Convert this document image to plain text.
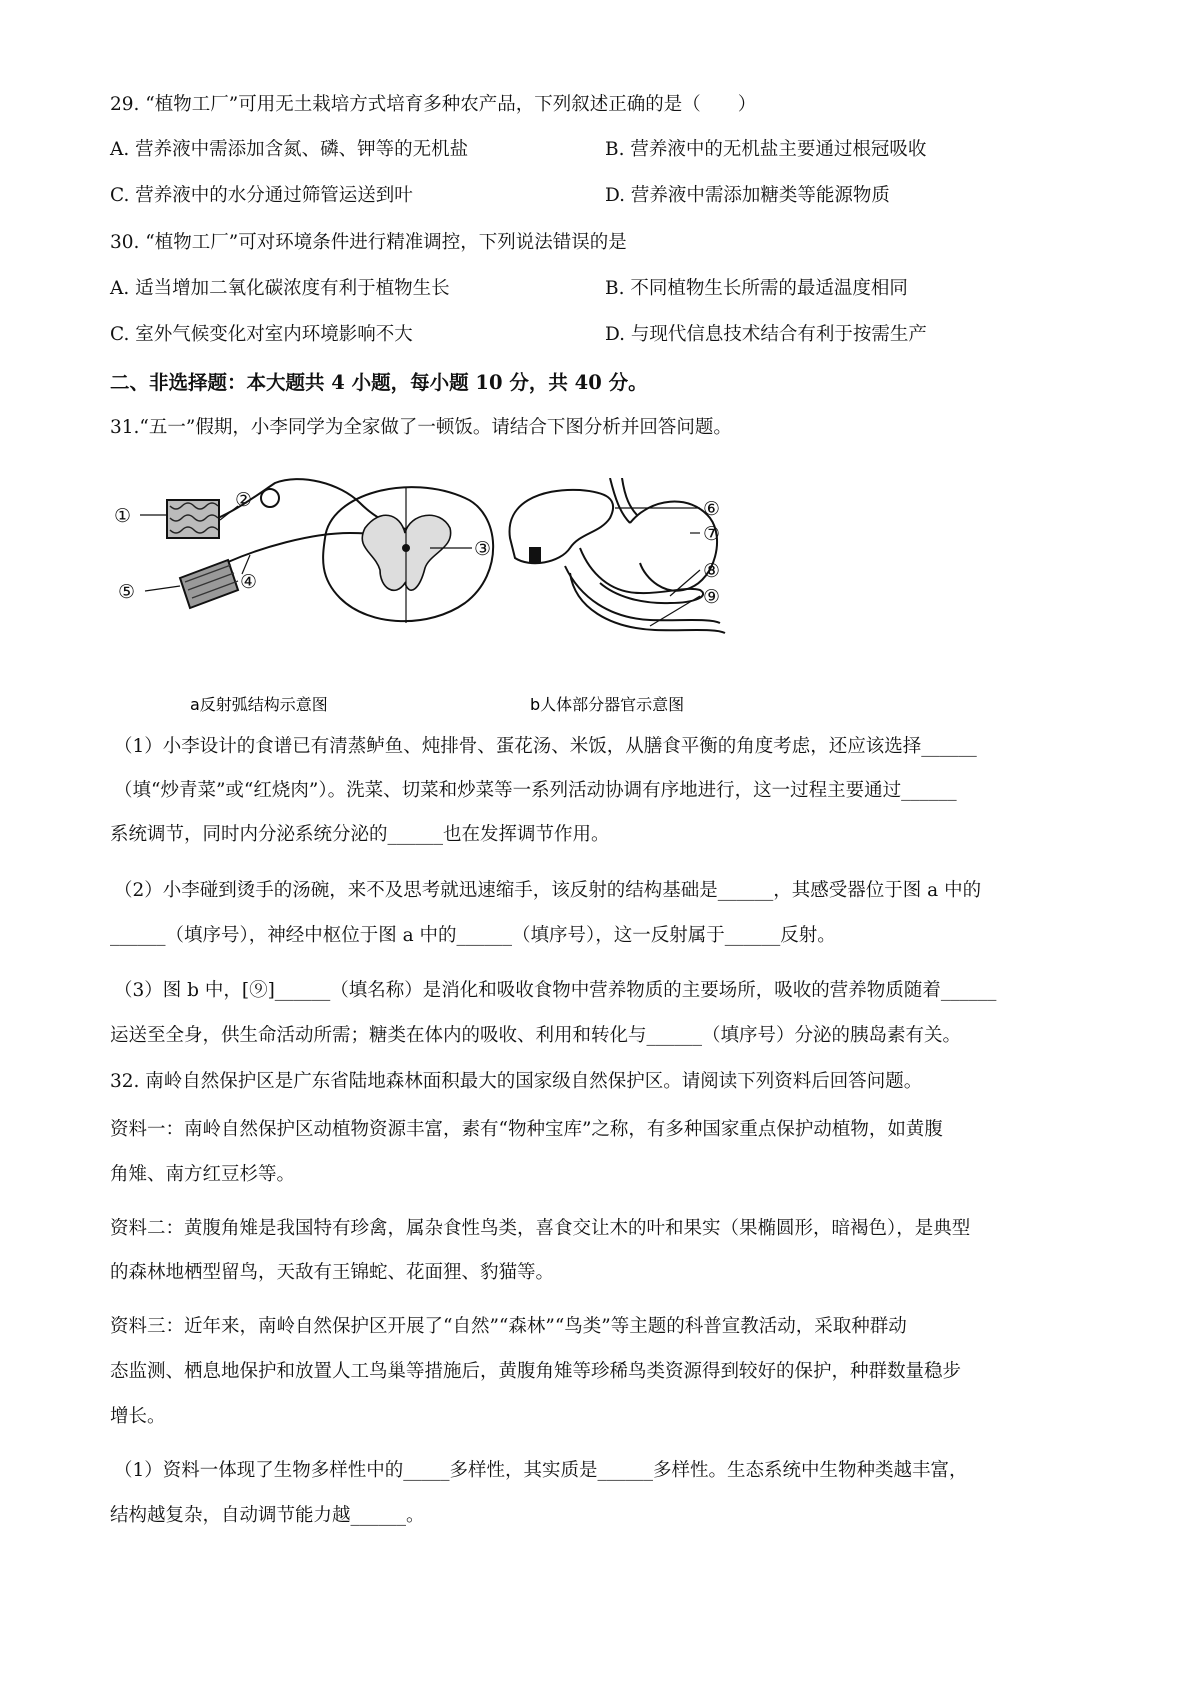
29. “植物工厂”可用无土栽培方式培育多种农产品，下列叙述正确的是（　　）
A. 营养液中需添加含氮、磷、钾等的无机盐	B. 营养液中的无机盐主要通过根冠吸收
C. 营养液中的水分通过筛管运送到叶	D. 营养液中需添加糖类等能源物质
30. “植物工厂”可对环境条件进行精准调控，下列说法错误的是
A. 适当增加二氧化碳浓度有利于植物生长	B. 不同植物生长所需的最适温度相同
C. 室外气候变化对室内环境影响不大	D. 与现代信息技术结合有利于按需生产
二、非选择题：本大题共 4 小题，每小题 10 分，共 40 分。
31.“五一”假期，小李同学为全家做了一顿饭。请结合下图分析并回答问题。
①
②
③
④
⑤
⑥
⑦
⑧
⑨
a反射弧结构示意图	b人体部分器官示意图
（1）小李设计的食谱已有清蒸鲈鱼、炖排骨、蛋花汤、米饭，从膳食平衡的角度考虑，还应该选择______
（填“炒青菜”或“红烧肉”）。洗菜、切菜和炒菜等一系列活动协调有序地进行，这一过程主要通过______
系统调节，同时内分泌系统分泌的______也在发挥调节作用。
（2）小李碰到烫手的汤碗，来不及思考就迅速缩手，该反射的结构基础是______，其感受器位于图 a 中的
______（填序号），神经中枢位于图 a 中的______（填序号），这一反射属于______反射。
（3）图 b 中，[⑨]______（填名称）是消化和吸收食物中营养物质的主要场所，吸收的营养物质随着______
运送至全身，供生命活动所需；糖类在体内的吸收、利用和转化与______（填序号）分泌的胰岛素有关。
32. 南岭自然保护区是广东省陆地森林面积最大的国家级自然保护区。请阅读下列资料后回答问题。
资料一：南岭自然保护区动植物资源丰富，素有“物种宝库”之称，有多种国家重点保护动植物，如黄腹
角雉、南方红豆杉等。
资料二：黄腹角雉是我国特有珍禽，属杂食性鸟类，喜食交让木的叶和果实（果椭圆形，暗褐色），是典型
的森林地栖型留鸟，天敌有王锦蛇、花面狸、豹猫等。
资料三：近年来，南岭自然保护区开展了“自然”“森林”“鸟类”等主题的科普宣教活动，采取种群动
态监测、栖息地保护和放置人工鸟巢等措施后，黄腹角雉等珍稀鸟类资源得到较好的保护，种群数量稳步
增长。
（1）资料一体现了生物多样性中的_____多样性，其实质是______多样性。生态系统中生物种类越丰富，
结构越复杂，自动调节能力越______。
